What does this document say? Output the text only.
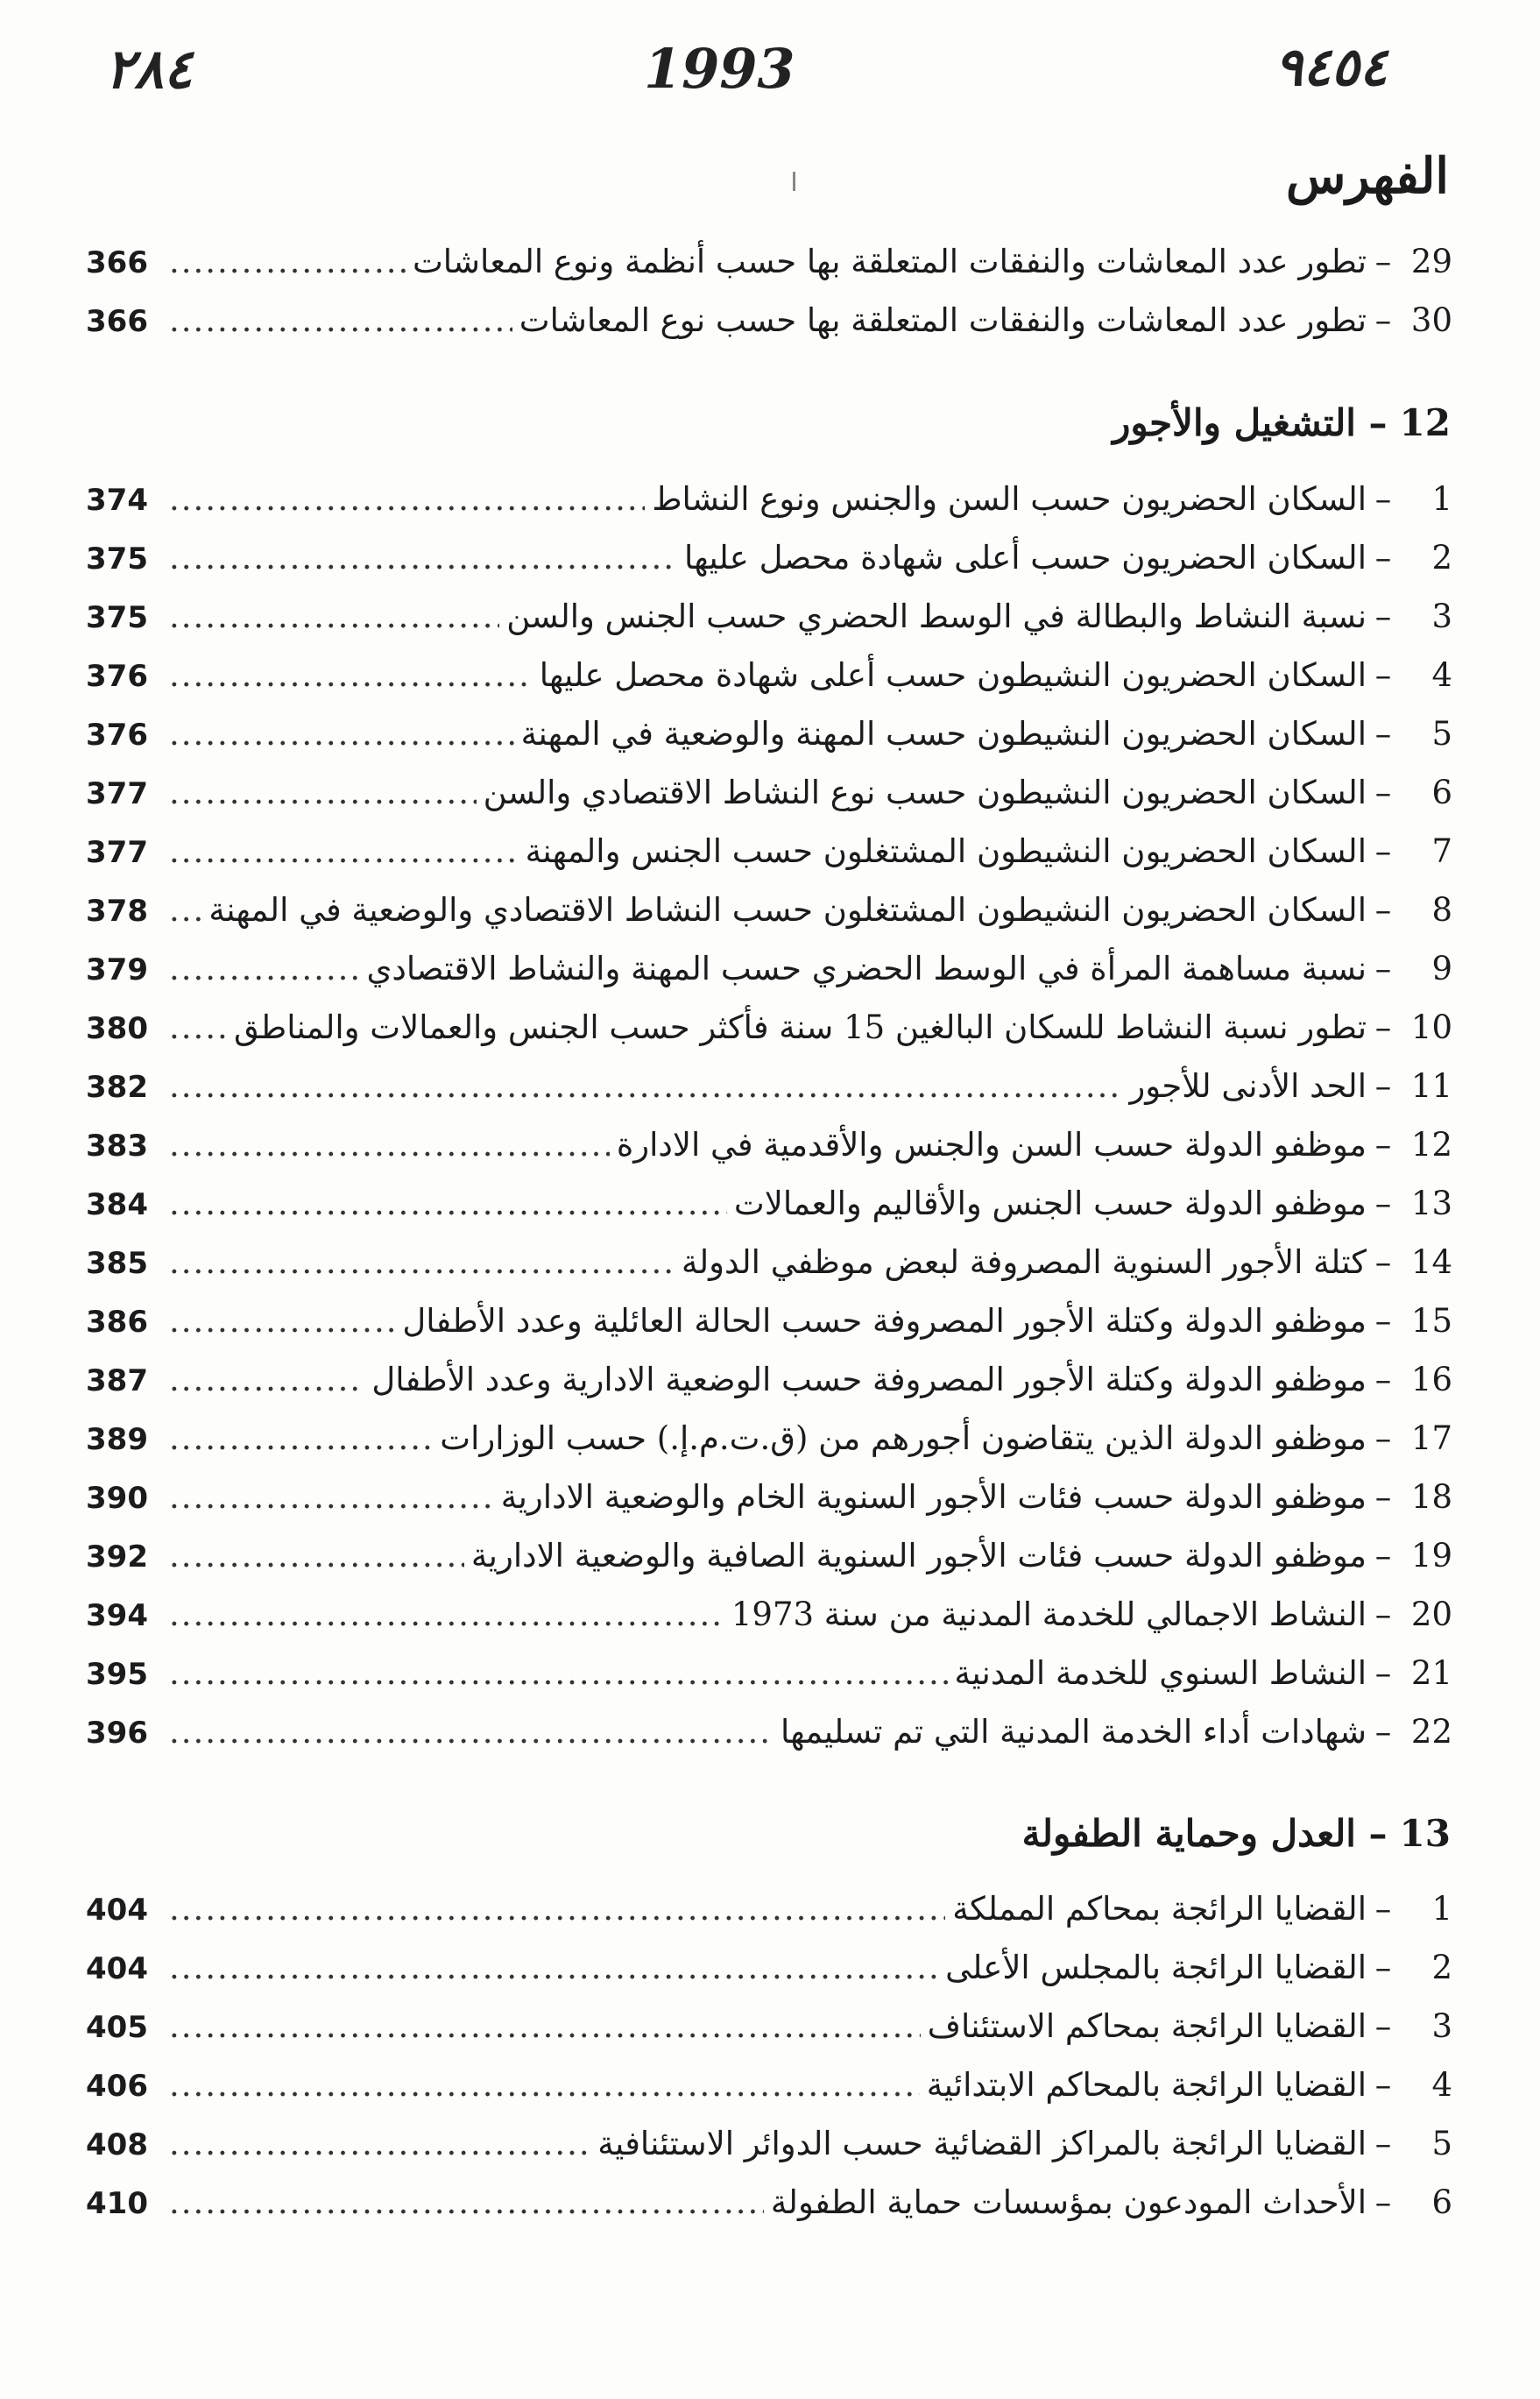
٢٨٤	1993	٩٤٥٤
الفهرس
29
–
تطور عدد المعاشات والنفقات المتعلقة بها حسب أنظمة ونوع المعاشات
.....
366
30
–
تطور عدد المعاشات والنفقات المتعلقة بها حسب نوع المعاشات
.....
366
12– التشغيل والأجور
1
–
السكان الحضريون حسب السن والجنس ونوع النشاط
.....
374
2
–
السكان الحضريون حسب أعلى شهادة محصل عليها
.....
375
3
–
نسبة النشاط والبطالة في الوسط الحضري حسب الجنس والسن
.....
375
4
–
السكان الحضريون النشيطون حسب أعلى شهادة محصل عليها
.....
376
5
–
السكان الحضريون النشيطون حسب المهنة والوضعية في المهنة
.....
376
6
–
السكان الحضريون النشيطون حسب نوع النشاط الاقتصادي والسن
.....
377
7
–
السكان الحضريون النشيطون المشتغلون حسب الجنس والمهنة
.....
377
8
–
السكان الحضريون النشيطون المشتغلون حسب النشاط الاقتصادي والوضعية في المهنة
.....
378
9
–
نسبة مساهمة المرأة في الوسط الحضري حسب المهنة والنشاط الاقتصادي
.....
379
10
–
تطور نسبة النشاط للسكان البالغين 15 سنة فأكثر حسب الجنس والعمالات والمناطق
.....
380
11
–
الحد الأدنى للأجور
.....
382
12
–
موظفو الدولة حسب السن والجنس والأقدمية في الادارة
.....
383
13
–
موظفو الدولة حسب الجنس والأقاليم والعمالات
.....
384
14
–
كتلة الأجور السنوية المصروفة لبعض موظفي الدولة
.....
385
15
–
موظفو الدولة وكتلة الأجور المصروفة حسب الحالة العائلية وعدد الأطفال
.....
386
16
–
موظفو الدولة وكتلة الأجور المصروفة حسب الوضعية الادارية وعدد الأطفال
.....
387
17
–
موظفو الدولة الذين يتقاضون أجورهم من (ق.ت.م.إ.) حسب الوزارات
.....
389
18
–
موظفو الدولة حسب فئات الأجور السنوية الخام والوضعية الادارية
.....
390
19
–
موظفو الدولة حسب فئات الأجور السنوية الصافية والوضعية الادارية
.....
392
20
–
النشاط الاجمالي للخدمة المدنية من سنة 1973
.....
394
21
–
النشاط السنوي للخدمة المدنية
.....
395
22
–
شهادات أداء الخدمة المدنية التي تم تسليمها
.....
396
13– العدل وحماية الطفولة
1
–
القضايا الرائجة بمحاكم المملكة
.....
404
2
–
القضايا الرائجة بالمجلس الأعلى
.....
404
3
–
القضايا الرائجة بمحاكم الاستئناف
.....
405
4
–
القضايا الرائجة بالمحاكم الابتدائية
.....
406
5
–
القضايا الرائجة بالمراكز القضائية حسب الدوائر الاستئنافية
.....
408
6
–
الأحداث المودعون بمؤسسات حماية الطفولة
.....
410
